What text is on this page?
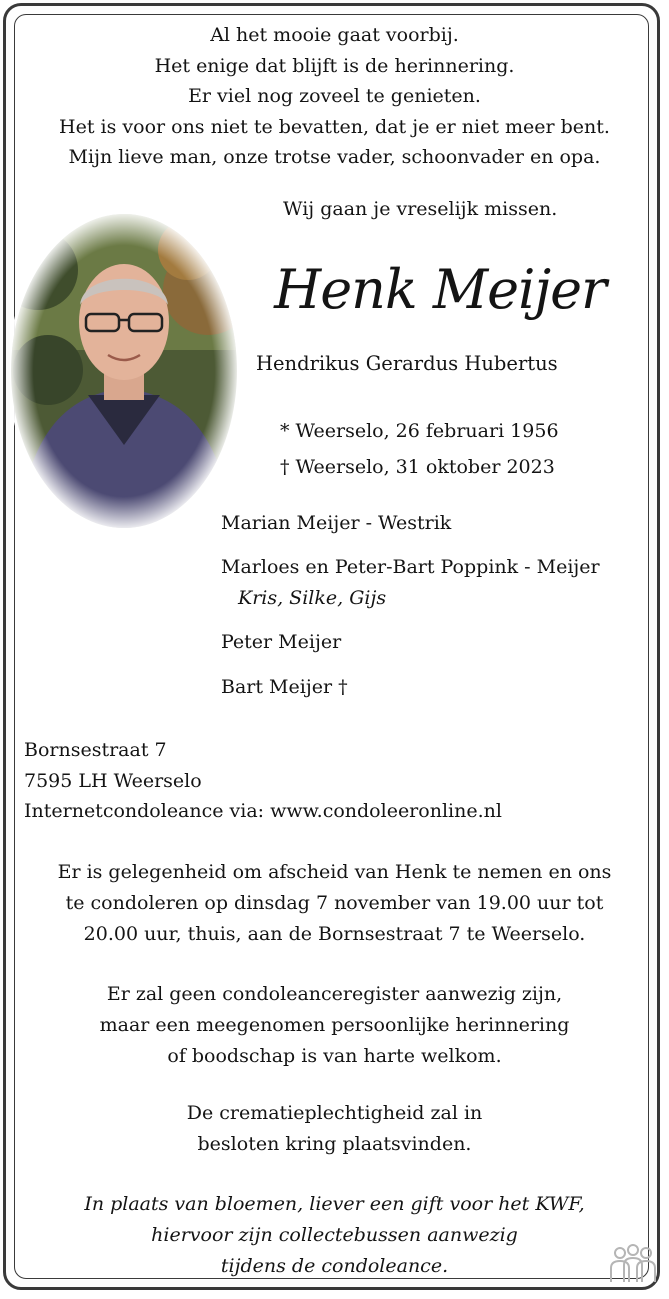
Al het mooie gaat voorbij.
Het enige dat blijft is de herinnering.
Er viel nog zoveel te genieten.
Het is voor ons niet te bevatten, dat je er niet meer bent.
Mijn lieve man, onze trotse vader, schoonvader en opa.
Wij gaan je vreselijk missen.
Henk Meijer
Hendrikus Gerardus Hubertus
* Weerselo, 26 februari 1956
† Weerselo, 31 oktober 2023
Marian Meijer - Westrik
Marloes en Peter-Bart Poppink - Meijer
Kris, Silke, Gijs
Peter Meijer
Bart Meijer †
Bornsestraat 7
7595 LH Weerselo
Internetcondoleance via: www.condoleeronline.nl
Er is gelegenheid om afscheid van Henk te nemen en ons
te condoleren op dinsdag 7 november van 19.00 uur tot
20.00 uur, thuis, aan de Bornsestraat 7 te Weerselo.
Er zal geen condoleanceregister aanwezig zijn,
maar een meegenomen persoonlijke herinnering
of boodschap is van harte welkom.
De crematieplechtigheid zal in
besloten kring plaatsvinden.
In plaats van bloemen, liever een gift voor het KWF,
hiervoor zijn collectebussen aanwezig
tijdens de condoleance.
